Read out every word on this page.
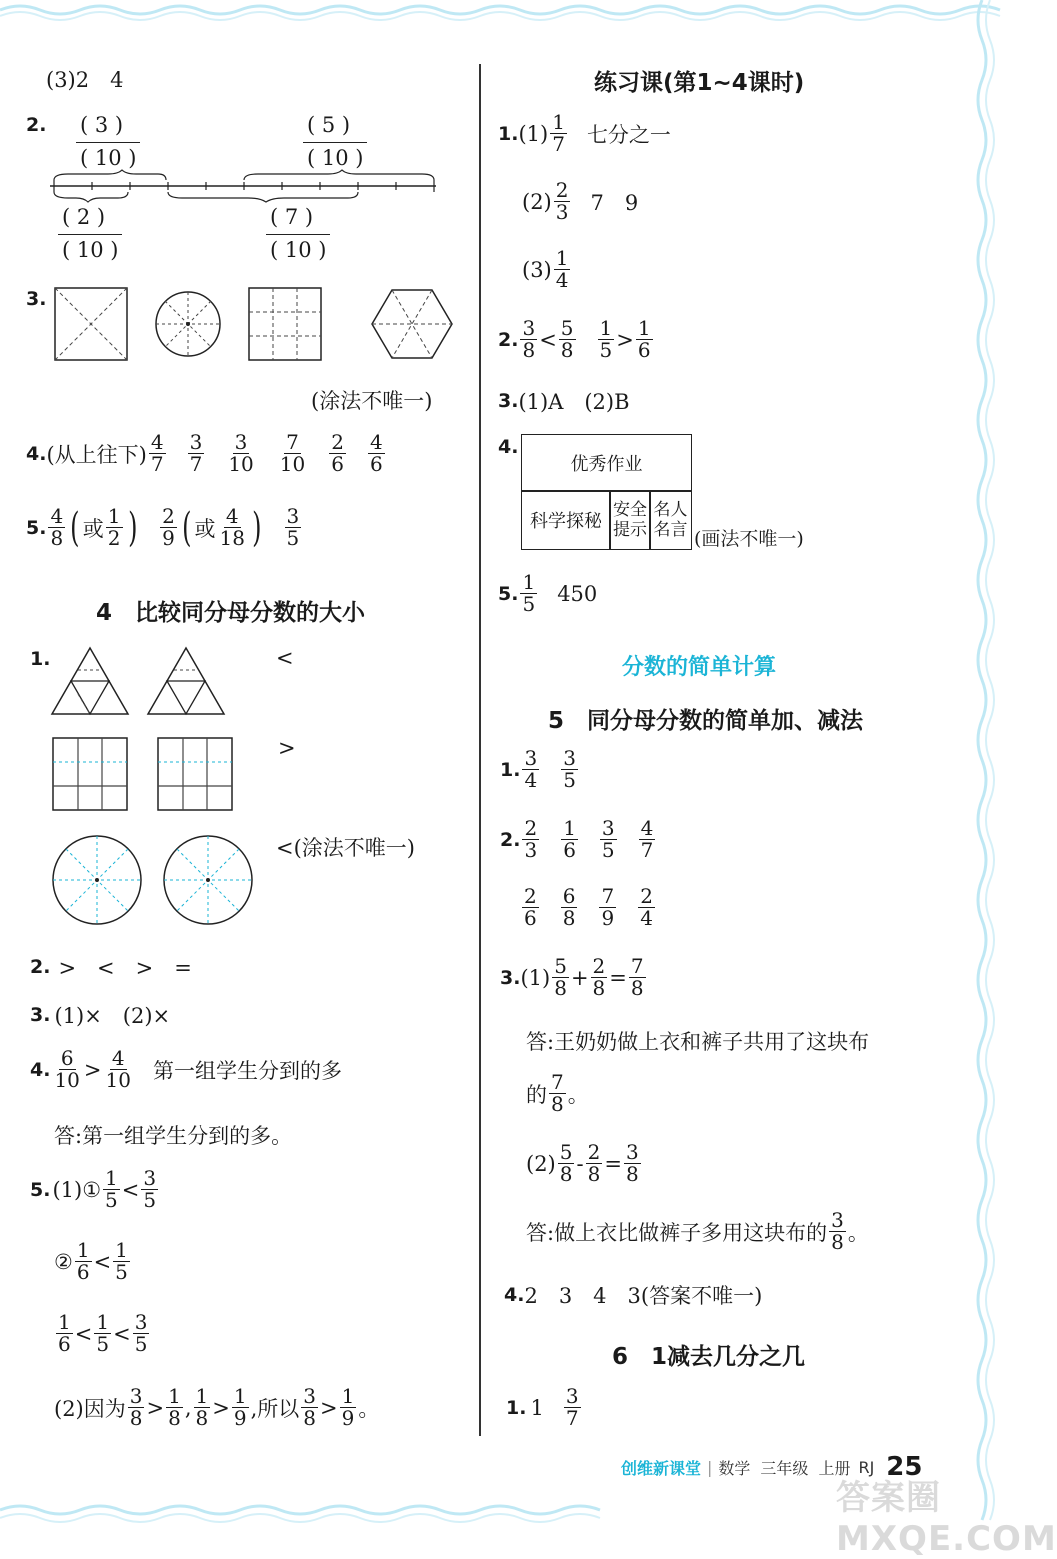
(3)2　4
2. $\frac{( 3 )}{( 10 )}$	$\frac{( 5 )}{( 10 )}$
$\frac{( 2 )}{( 10 )}$	$\frac{( 7 )}{( 10 )}$
3.
(涂法不唯一)
4. (从上往下) $\frac{4}{7} \frac{3}{7} \frac{3}{10} \frac{7}{10} \frac{2}{6} \frac{4}{6}$
5. $\frac{4}{8}$ ( 或 $\frac{1}{2}$ ) $\frac{2}{9}$ ( 或 $\frac{4}{18}$ ) $\frac{3}{5}$
4　比较同分母分数的大小
1.	<
>
<(涂法不唯一)
2. >　<　>　=
3. (1)×　(2)×
4. $\frac{6}{10} > \frac{4}{10}$ 第一组学生分到的多
答:第一组学生分到的多。
5. (1)① $\frac{1}{5} < \frac{3}{5}$
② $\frac{1}{6} < \frac{1}{5}$
$\frac{1}{6} < \frac{1}{5} < \frac{3}{5}$
(2)因为 $\frac{3}{8} > \frac{1}{8}$ , $\frac{1}{8} > \frac{1}{9}$ ,所以 $\frac{3}{8} > \frac{1}{9}$ 。
练习课(第1~4课时)
1. $(1) \frac{1}{7}$ 七分之一
$(2) \frac{2}{3} 7$　9
$(3) \frac{1}{4}$
2. $\frac{3}{8} < \frac{5}{8} \frac{1}{5} > \frac{1}{6}$
3. (1)A　(2)B
4.
优秀作业
科学探秘
安全提示
名人名言 (画法不唯一)
5. $\frac{1}{5} 450$
分数的简单计算
5　同分母分数的简单加、减法
1. $\frac{3}{4} \frac{3}{5}$
2. $\frac{2}{3} \frac{1}{6} \frac{3}{5} \frac{4}{7}$
$\frac{2}{6} \frac{6}{8} \frac{7}{9} \frac{2}{4}$
3. $(1) \frac{5}{8} + \frac{2}{8} = \frac{7}{8}$
答:王奶奶做上衣和裤子共用了这块布
的 $\frac{7}{8}$ 。
$(2) \frac{5}{8} - \frac{2}{8} = \frac{3}{8}$
答:做上衣比做裤子多用这块布的 $\frac{3}{8}$ 。
4. 2　3　4　3(答案不唯一)
6　1减去几分之几
1. $1 \frac{3}{7}$
创维新课堂 | 数学 三年级 上册 RJ 25
答案圈 MXQE.COM
